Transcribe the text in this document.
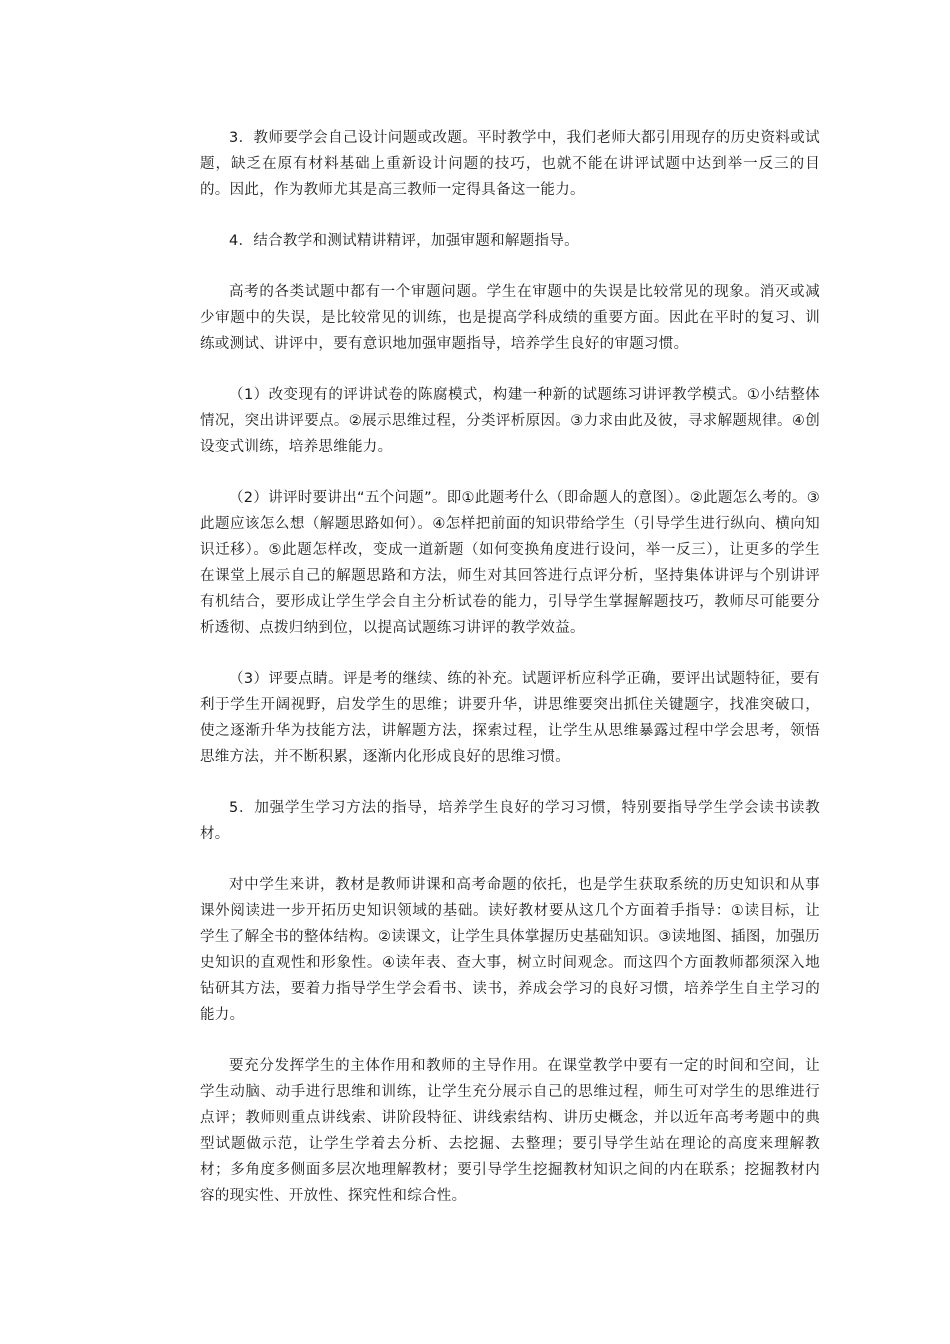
3．教师要学会自己设计问题或改题。平时教学中，我们老师大都引用现存的历史资料或试题，缺乏在原有材料基础上重新设计问题的技巧，也就不能在讲评试题中达到举一反三的目的。因此，作为教师尤其是高三教师一定得具备这一能力。

4．结合教学和测试精讲精评，加强审题和解题指导。

高考的各类试题中都有一个审题问题。学生在审题中的失误是比较常见的现象。消灭或减少审题中的失误，是比较常见的训练，也是提高学科成绩的重要方面。因此在平时的复习、训练或测试、讲评中，要有意识地加强审题指导，培养学生良好的审题习惯。

（1）改变现有的评讲试卷的陈腐模式，构建一种新的试题练习讲评教学模式。①小结整体情况，突出讲评要点。②展示思维过程，分类评析原因。③力求由此及彼，寻求解题规律。④创设变式训练，培养思维能力。

（2）讲评时要讲出“五个问题”。即①此题考什么（即命题人的意图）。②此题怎么考的。③此题应该怎么想（解题思路如何）。④怎样把前面的知识带给学生（引导学生进行纵向、横向知识迁移）。⑤此题怎样改，变成一道新题（如何变换角度进行设问，举一反三），让更多的学生在课堂上展示自己的解题思路和方法，师生对其回答进行点评分析，坚持集体讲评与个别讲评有机结合，要形成让学生学会自主分析试卷的能力，引导学生掌握解题技巧，教师尽可能要分析透彻、点拨归纳到位，以提高试题练习讲评的教学效益。

（3）评要点睛。评是考的继续、练的补充。试题评析应科学正确，要评出试题特征，要有利于学生开阔视野，启发学生的思维；讲要升华，讲思维要突出抓住关键题字，找准突破口，使之逐渐升华为技能方法，讲解题方法，探索过程，让学生从思维暴露过程中学会思考，领悟思维方法，并不断积累，逐渐内化形成良好的思维习惯。

5．加强学生学习方法的指导，培养学生良好的学习习惯，特别要指导学生学会读书读教材。

对中学生来讲，教材是教师讲课和高考命题的依托，也是学生获取系统的历史知识和从事课外阅读进一步开拓历史知识领域的基础。读好教材要从这几个方面着手指导：①读目标，让学生了解全书的整体结构。②读课文，让学生具体掌握历史基础知识。③读地图、插图，加强历史知识的直观性和形象性。④读年表、查大事，树立时间观念。而这四个方面教师都须深入地钻研其方法，要着力指导学生学会看书、读书，养成会学习的良好习惯，培养学生自主学习的能力。

要充分发挥学生的主体作用和教师的主导作用。在课堂教学中要有一定的时间和空间，让学生动脑、动手进行思维和训练，让学生充分展示自己的思维过程，师生可对学生的思维进行点评；教师则重点讲线索、讲阶段特征、讲线索结构、讲历史概念，并以近年高考考题中的典型试题做示范，让学生学着去分析、去挖掘、去整理；要引导学生站在理论的高度来理解教材；多角度多侧面多层次地理解教材；要引导学生挖掘教材知识之间的内在联系；挖掘教材内容的现实性、开放性、探究性和综合性。
